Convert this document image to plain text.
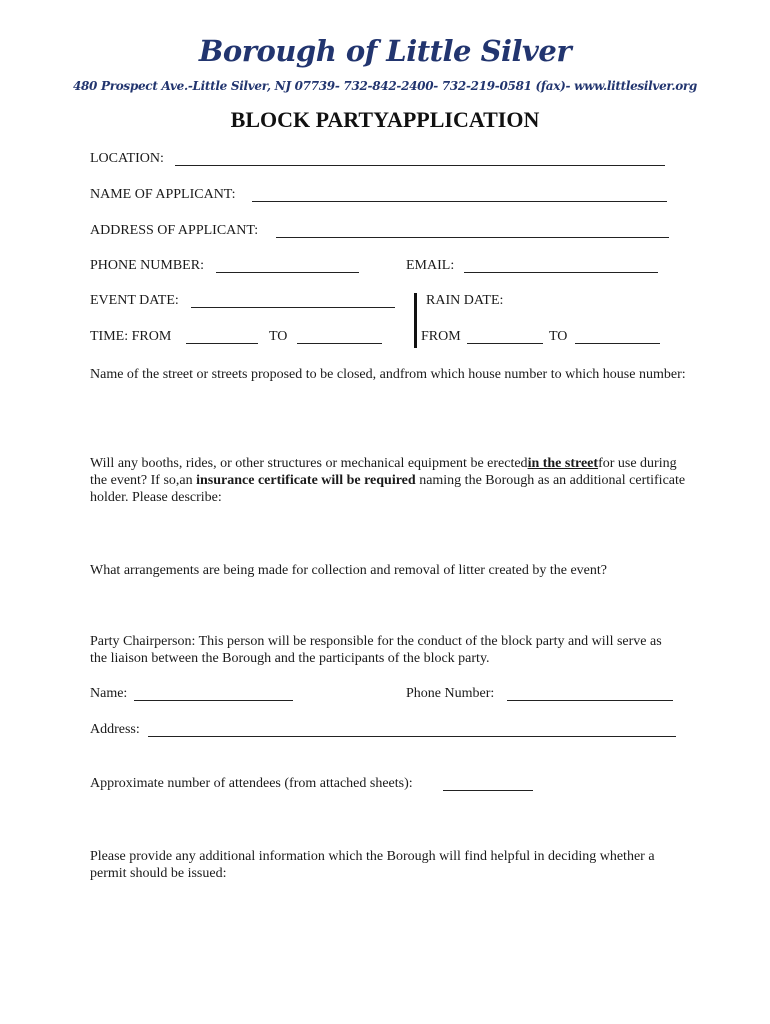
Borough of Little Silver
480 Prospect Ave.-Little Silver, NJ 07739- 732-842-2400- 732-219-0581 (fax)- www.littlesilver.org
BLOCK PARTYAPPLICATION
LOCATION:
NAME OF APPLICANT:
ADDRESS OF APPLICANT:
PHONE NUMBER:	EMAIL:
EVENT DATE:	RAIN DATE:
TIME: FROM	TO	FROM	TO
Name of the street or streets proposed to be closed, andfrom which house number to which house number:
Will any booths, rides, or other structures or mechanical equipment be erectedin the streetfor use during the event? If so,an insurance certificate will be required naming the Borough as an additional certificate holder. Please describe:
What arrangements are being made for collection and removal of litter created by the event?
Party Chairperson: This person will be responsible for the conduct of the block party and will serve as the liaison between the Borough and the participants of the block party.
Name:	Phone Number:
Address:
Approximate number of attendees (from attached sheets):
Please provide any additional information which the Borough will find helpful in deciding whether a permit should be issued:
